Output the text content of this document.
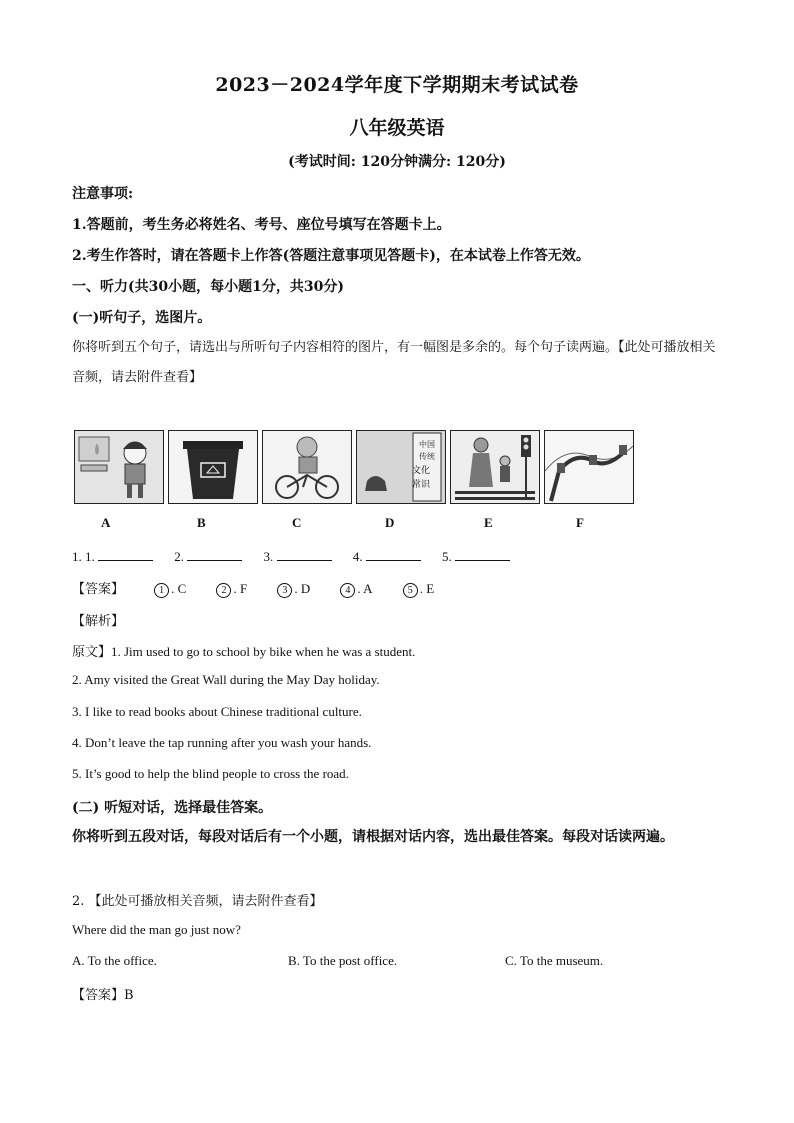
2023－2024学年度下学期期末考试试卷
八年级英语
(考试时间: 120分钟满分: 120分)
注意事项:
1.答题前，考生务必将姓名、考号、座位号填写在答题卡上。
2.考生作答时，请在答题卡上作答(答题注意事项见答题卡)，在本试卷上作答无效。
一、听力(共30小题，每小题1分，共30分)
(一)听句子，选图片。
你将听到五个句子，请选出与所听句子内容相符的图片，有一幅图是多余的。每个句子读两遍。【此处可播放相关音频，请去附件查看】
中国
传统
文化
常识
A	B	C	D	E	F
1. 1.	2.	3.	4.	5.
【答案】	1 . C	2 . F	3 . D	4 . A	5 . E
【解析】
原文】1. Jim used to go to school by bike when he was a student.
2. Amy visited the Great Wall during the May Day holiday.
3. I like to read books about Chinese traditional culture.
4. Don’t leave the tap running after you wash your hands.
5. It’s good to help the blind people to cross the road.
(二) 听短对话，选择最佳答案。
你将听到五段对话，每段对话后有一个小题，请根据对话内容，选出最佳答案。每段对话读两遍。
2. 【此处可播放相关音频，请去附件查看】
Where did the man go just now?
A. To the office.	B. To the post office.	C. To the museum.
【答案】B
